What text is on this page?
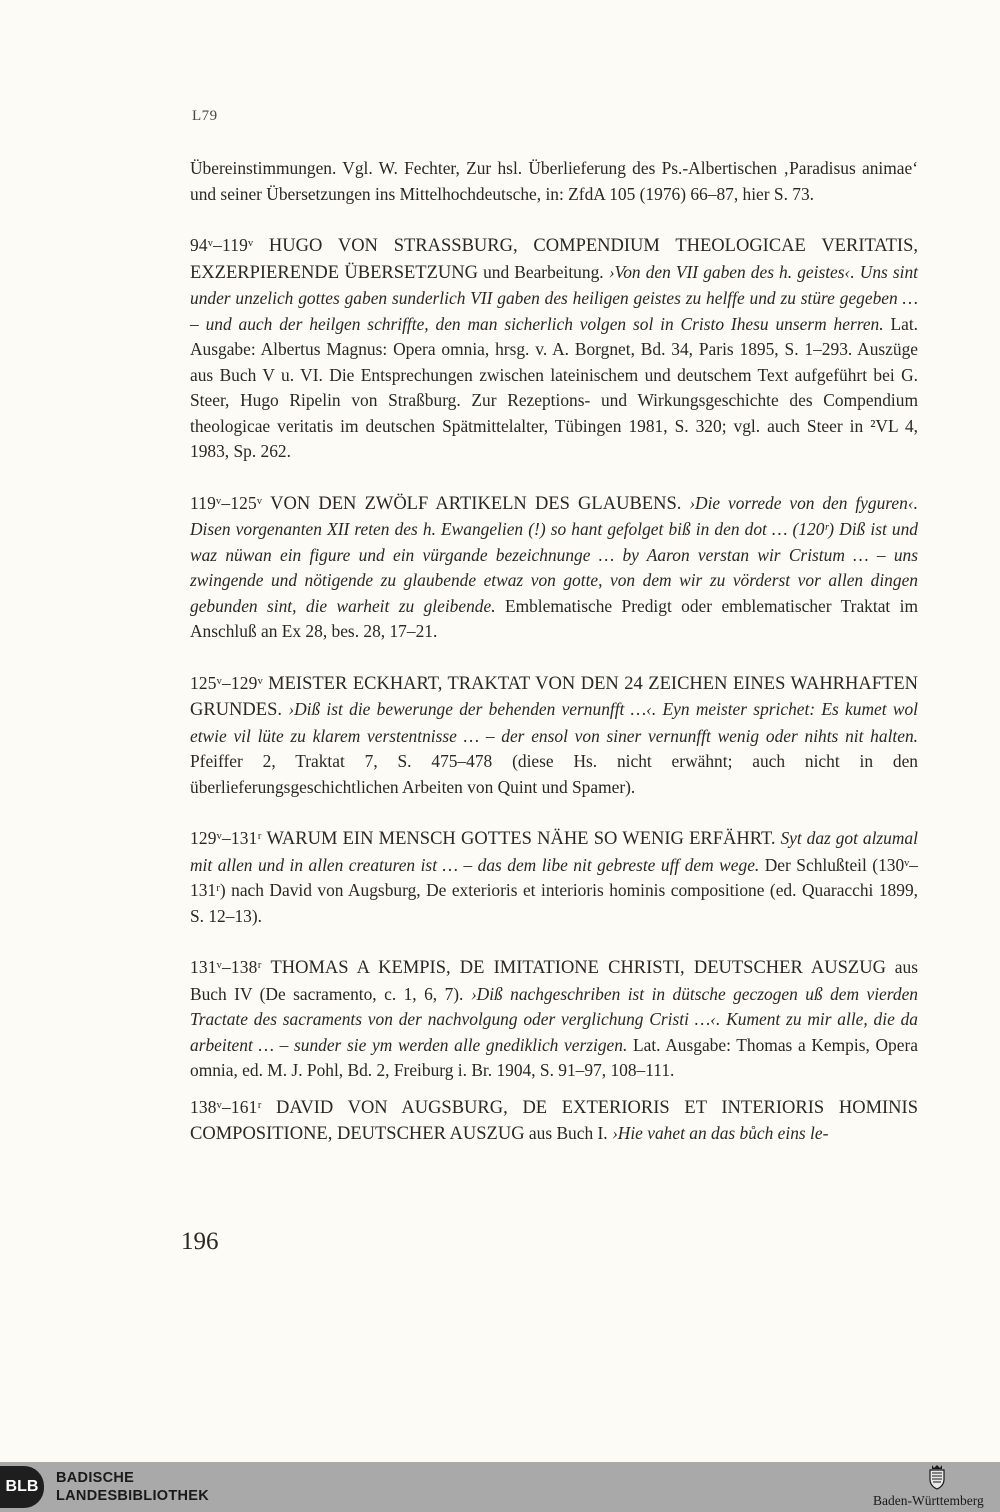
L79

Übereinstimmungen. Vgl. W. Fechter, Zur hsl. Überlieferung des Ps.-Albertischen ‚Paradisus animae‘ und seiner Übersetzungen ins Mittelhochdeutsche, in: ZfdA 105 (1976) 66–87, hier S. 73.

94ᵛ–119ᵛ HUGO VON STRASSBURG, COMPENDIUM THEOLOGICAE VERITATIS, EXZERPIERENDE ÜBERSETZUNG und Bearbeitung. ›Von den VII gaben des h. geistes‹. Uns sint under unzelich gottes gaben sunderlich VII gaben des heiligen geistes zu helffe und zu stüre gegeben … – und auch der heilgen schriffte, den man sicherlich volgen sol in Cristo Ihesu unserm herren. Lat. Ausgabe: Albertus Magnus: Opera omnia, hrsg. v. A. Borgnet, Bd. 34, Paris 1895, S. 1–293. Auszüge aus Buch V u. VI. Die Entsprechungen zwischen lateinischem und deutschem Text aufgeführt bei G. Steer, Hugo Ripelin von Straßburg. Zur Rezeptions- und Wirkungsgeschichte des Compendium theologicae veritatis im deutschen Spätmittelalter, Tübingen 1981, S. 320; vgl. auch Steer in ²VL 4, 1983, Sp. 262.

119ᵛ–125ᵛ VON DEN ZWÖLF ARTIKELN DES GLAUBENS. ›Die vorrede von den fyguren‹. Disen vorgenanten XII reten des h. Ewangelien (!) so hant gefolget biß in den dot … (120ʳ) Diß ist und waz nüwan ein figure und ein vürgande bezeichnunge … by Aaron verstan wir Cristum … – uns zwingende und nötigende zu glaubende etwaz von gotte, von dem wir zu vörderst vor allen dingen gebunden sint, die warheit zu gleibende. Emblematische Predigt oder emblematischer Traktat im Anschluß an Ex 28, bes. 28, 17–21.

125ᵛ–129ᵛ MEISTER ECKHART, TRAKTAT VON DEN 24 ZEICHEN EINES WAHRHAFTEN GRUNDES. ›Diß ist die bewerunge der behenden vernunfft …‹. Eyn meister sprichet: Es kumet wol etwie vil lüte zu klarem verstentnisse … – der ensol von siner vernunfft wenig oder nihts nit halten. Pfeiffer 2, Traktat 7, S. 475–478 (diese Hs. nicht erwähnt; auch nicht in den überlieferungsgeschichtlichen Arbeiten von Quint und Spamer).

129ᵛ–131ʳ WARUM EIN MENSCH GOTTES NÄHE SO WENIG ERFÄHRT. Syt daz got alzumal mit allen und in allen creaturen ist … – das dem libe nit gebreste uff dem wege. Der Schlußteil (130ᵛ–131ʳ) nach David von Augsburg, De exterioris et interioris hominis compositione (ed. Quaracchi 1899, S. 12–13).

131ᵛ–138ʳ THOMAS A KEMPIS, DE IMITATIONE CHRISTI, DEUTSCHER AUSZUG aus Buch IV (De sacramento, c. 1, 6, 7). ›Diß nachgeschriben ist in dütsche geczogen uß dem vierden Tractate des sacraments von der nachvolgung oder verglichung Cristi …‹. Kument zu mir alle, die da arbeitent … – sunder sie ym werden alle gnediklich verzigen. Lat. Ausgabe: Thomas a Kempis, Opera omnia, ed. M. J. Pohl, Bd. 2, Freiburg i. Br. 1904, S. 91–97, 108–111.

138ᵛ–161ʳ DAVID VON AUGSBURG, DE EXTERIORIS ET INTERIORIS HOMINIS COMPOSITIONE, DEUTSCHER AUSZUG aus Buch I. ›Hie vahet an das bůch eins le-

196
BLB	BADISCHE
LANDESBIBLIOTHEK	Baden-Württemberg
